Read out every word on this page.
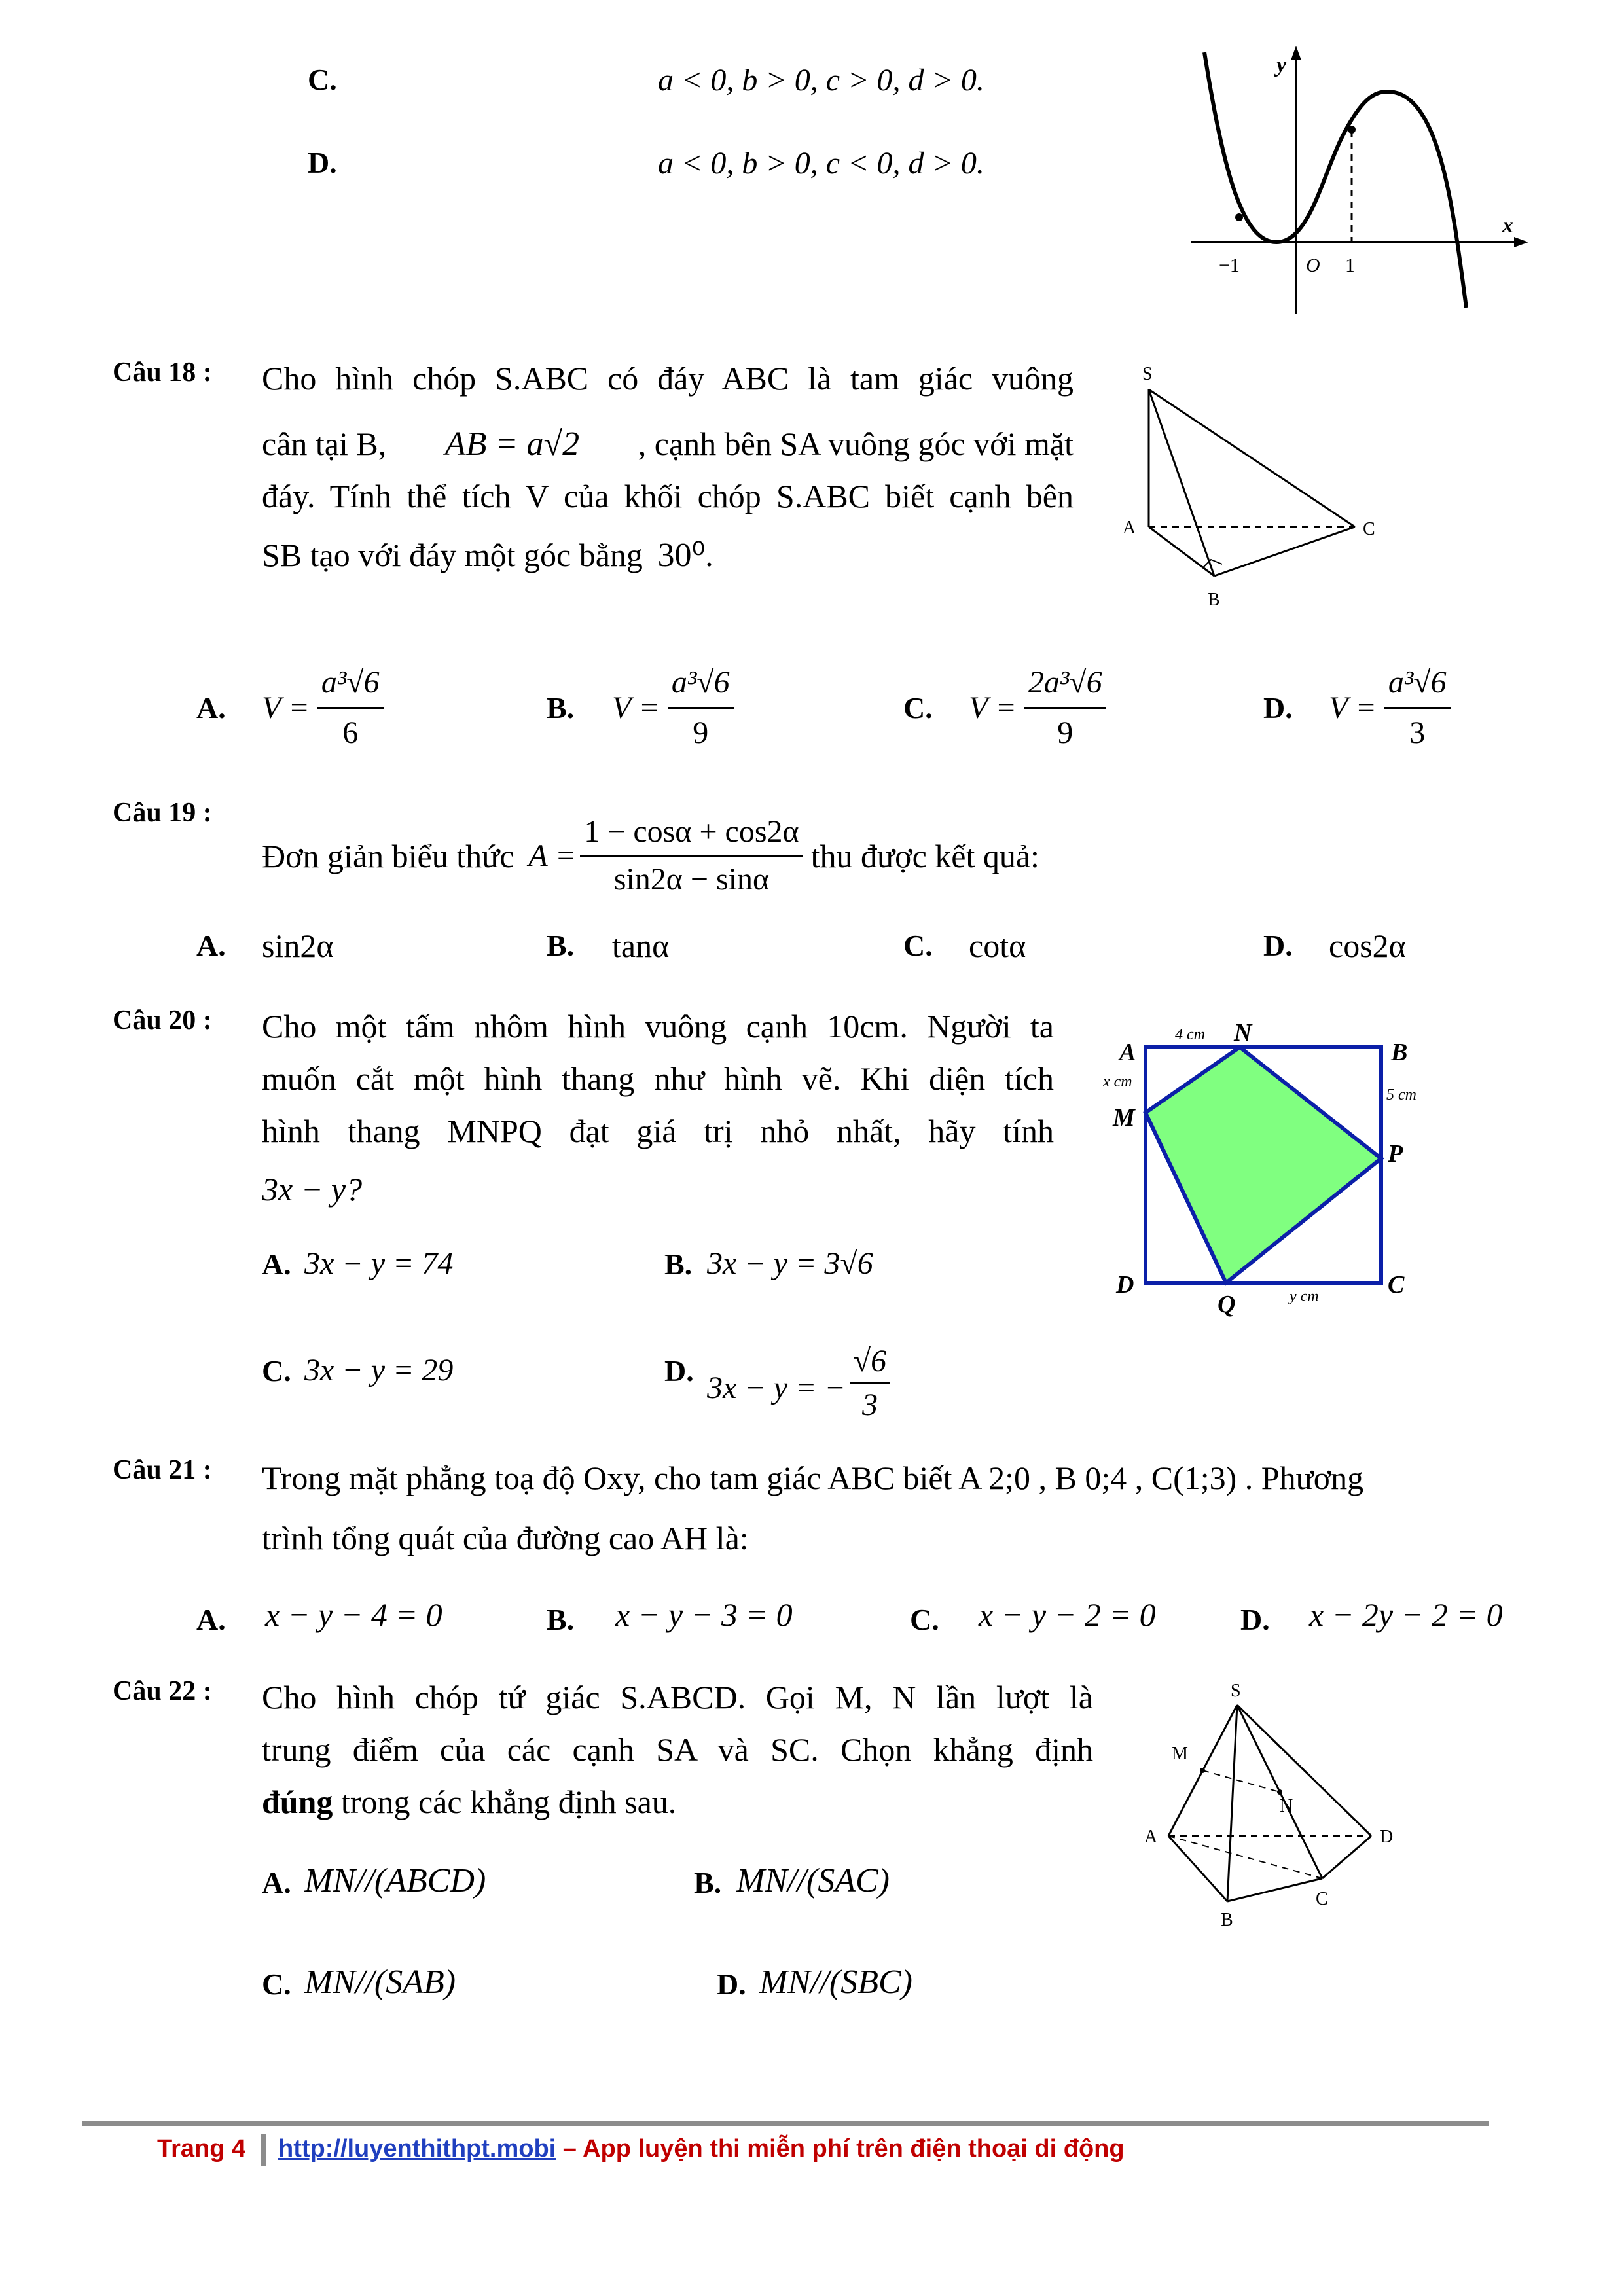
C.	a < 0, b > 0, c > 0, d > 0.
D.	a < 0, b > 0, c < 0, d > 0.
y
x
O
−1	1
Câu 18 : Cho hình chóp S.ABC có đáy ABC là tam giác vuông
cân tại B, AB = a√2 , cạnh bên SA vuông góc với mặt
đáy. Tính thể tích V của khối chóp S.ABC biết cạnh bên
SB tạo với đáy một góc bằng 30⁰.
S
A
B
C
A. $V = \frac{\text{a³√6}}{6}$	B. $V = \frac{\text{a³√6}}{9}$	C. $V = \frac{\text{2a³√6}}{9}$	D. $V = \frac{\text{a³√6}}{3}$
Câu 19 :
Đơn giản biểu thức $A = \frac{1 - \cos\alpha + \cos 2\alpha}{\sin 2\alpha - \sin\alpha}$ thu được kết quả:
A. sin2α	B. tanα	C. cotα	D. cos2α
Câu 20 : Cho một tấm nhôm hình vuông cạnh 10cm. Người ta
muốn cắt một hình thang như hình vẽ. Khi diện tích
hình thang MNPQ đạt giá trị nhỏ nhất, hãy tính
3x − y?
A
N
B
M
P
D
Q
C
4 cm
5 cm
x cm
y cm
A. 3x − y = 74	B. 3x − y = 3√6
C. 3x − y = 29	D. 3x − y = − $\frac{√6}{3}$
Câu 21 : Trong mặt phẳng toạ độ Oxy, cho tam giác ABC biết A 2;0 , B 0;4 , C(1;3) . Phương
trình tổng quát của đường cao AH là:
A. x − y − 4 = 0	B. x − y − 3 = 0	C. x − y − 2 = 0	D. x − 2y − 2 = 0
Câu 22 : Cho hình chóp tứ giác S.ABCD. Gọi M, N lần lượt là
trung điểm của các cạnh SA và SC. Chọn khẳng định
đúng trong các khẳng định sau.
S
M
N
A
B
C
D
A. MN//(ABCD)	B. MN//(SAC)
C. MN//(SAB)	D. MN//(SBC)
Trang 4 http://luyenthithpt.mobi – App luyện thi miễn phí trên điện thoại di động
